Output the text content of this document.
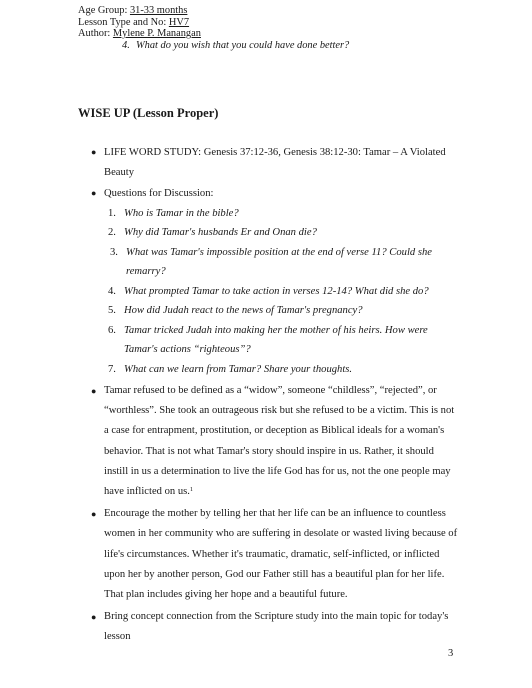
Age Group: 31-33 months
Lesson Type and No: HV7
Author: Mylene P. Manangan
4. What do you wish that you could have done better?
WISE UP (Lesson Proper)
● LIFE WORD STUDY: Genesis 37:12-36, Genesis 38:12-30: Tamar – A Violated Beauty
● Questions for Discussion:
1. Who is Tamar in the bible?
2. Why did Tamar's husbands Er and Onan die?
3. What was Tamar's impossible position at the end of verse 11? Could she remarry?
4. What prompted Tamar to take action in verses 12-14? What did she do?
5. How did Judah react to the news of Tamar's pregnancy?
6. Tamar tricked Judah into making her the mother of his heirs. How were Tamar's actions “righteous”?
7. What can we learn from Tamar? Share your thoughts.
● Tamar refused to be defined as a “widow”, someone “childless”, “rejected”, or “worthless”. She took an outrageous risk but she refused to be a victim. This is not a case for entrapment, prostitution, or deception as Biblical ideals for a woman's behavior. That is not what Tamar's story should inspire in us. Rather, it should instill in us a determination to live the life God has for us, not the one people may have inflicted on us.$^1$
● Encourage the mother by telling her that her life can be an influence to countless women in her community who are suffering in desolate or wasted living because of life's circumstances. Whether it's traumatic, dramatic, self-inflicted, or inflicted upon her by another person, God our Father still has a beautiful plan for her life. That plan includes giving her hope and a beautiful future.
● Bring concept connection from the Scripture study into the main topic for today's lesson
3
